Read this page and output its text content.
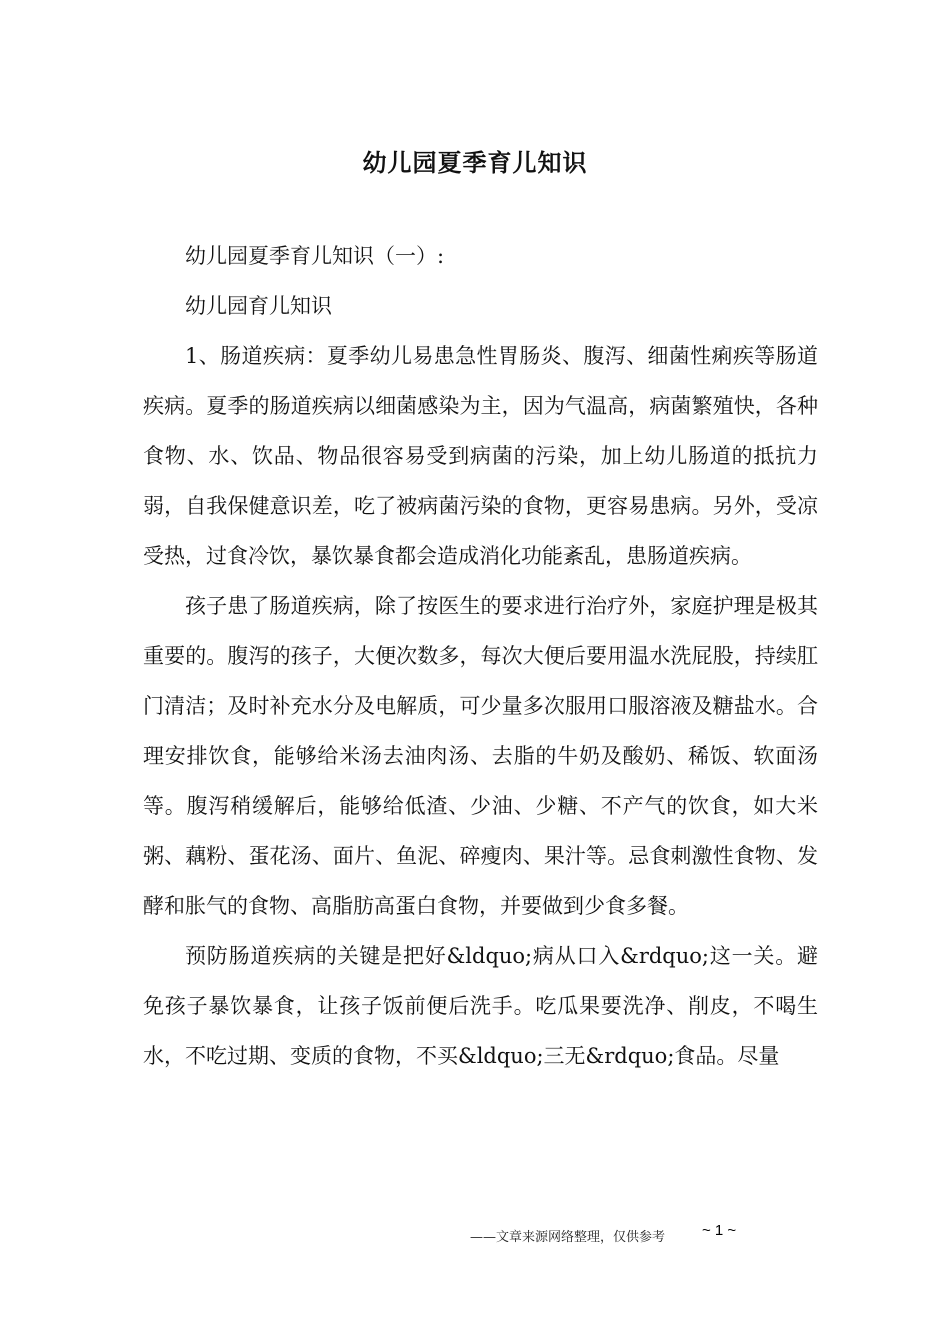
幼儿园夏季育儿知识

幼儿园夏季育儿知识（一）:

幼儿园育儿知识

1、肠道疾病：夏季幼儿易患急性胃肠炎、腹泻、细菌性痢疾等肠道疾病。夏季的肠道疾病以细菌感染为主，因为气温高，病菌繁殖快，各种食物、水、饮品、物品很容易受到病菌的污染，加上幼儿肠道的抵抗力弱，自我保健意识差，吃了被病菌污染的食物，更容易患病。另外，受凉受热，过食冷饮，暴饮暴食都会造成消化功能紊乱，患肠道疾病。

孩子患了肠道疾病，除了按医生的要求进行治疗外，家庭护理是极其重要的。腹泻的孩子，大便次数多，每次大便后要用温水洗屁股，持续肛门清洁；及时补充水分及电解质，可少量多次服用口服溶液及糖盐水。合理安排饮食，能够给米汤去油肉汤、去脂的牛奶及酸奶、稀饭、软面汤等。腹泻稍缓解后，能够给低渣、少油、少糖、不产气的饮食，如大米粥、藕粉、蛋花汤、面片、鱼泥、碎瘦肉、果汁等。忌食刺激性食物、发酵和胀气的食物、高脂肪高蛋白食物，并要做到少食多餐。

预防肠道疾病的关键是把好&ldquo;病从口入&rdquo;这一关。避免孩子暴饮暴食，让孩子饭前便后洗手。吃瓜果要洗净、削皮，不喝生水，不吃过期、变质的食物，不买&ldquo;三无&rdquo;食品。尽量

——文章来源网络整理，仅供参考 ~ 1 ~
